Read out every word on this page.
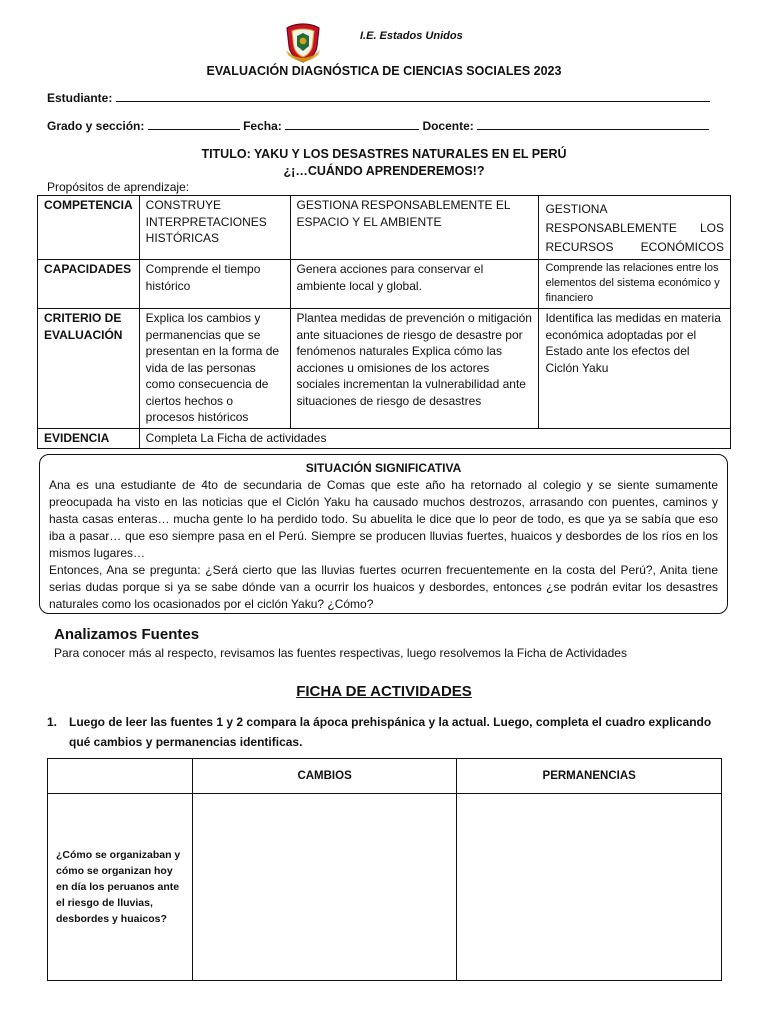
I.E. Estados Unidos
EVALUACIÓN DIAGNÓSTICA DE CIENCIAS SOCIALES 2023
Estudiante:
Grado y sección:	Fecha:	Docente:
TITULO: YAKU Y LOS DESASTRES NATURALES EN EL PERÚ
¿¡…CUÁNDO APRENDEREMOS!?
Propósitos de aprendizaje:
COMPETENCIA	CONSTRUYE INTERPRETACIONES HISTÓRICAS	GESTIONA RESPONSABLEMENTE EL ESPACIO Y EL AMBIENTE	GESTIONA RESPONSABLEMENTE LOS RECURSOS ECONÓMICOS
CAPACIDADES	Comprende el tiempo histórico	Genera acciones para conservar el ambiente local y global.	Comprende las relaciones entre los elementos del sistema económico y financiero
CRITERIO DE EVALUACIÓN	Explica los cambios y permanencias que se presentan en la forma de vida de las personas como consecuencia de ciertos hechos o procesos históricos	Plantea medidas de prevención o mitigación ante situaciones de riesgo de desastre por fenómenos naturales Explica cómo las acciones u omisiones de los actores sociales incrementan la vulnerabilidad ante situaciones de riesgo de desastres	Identifica las medidas en materia económica adoptadas por el Estado ante los efectos del Ciclón Yaku
EVIDENCIA	Completa La Ficha de actividades		
SITUACIÓN SIGNIFICATIVA

Ana es una estudiante de 4to de secundaria de Comas que este año ha retornado al colegio y se siente sumamente preocupada ha visto en las noticias que el Ciclón Yaku ha causado muchos destrozos, arrasando con puentes, caminos y hasta casas enteras… mucha gente lo ha perdido todo. Su abuelita le dice que lo peor de todo, es que ya se sabía que eso iba a pasar… que eso siempre pasa en el Perú. Siempre se producen lluvias fuertes, huaicos y desbordes de los ríos en los mismos lugares…

Entonces, Ana se pregunta: ¿Será cierto que las lluvias fuertes ocurren frecuentemente en la costa del Perú?, Anita tiene serias dudas porque si ya se sabe dónde van a ocurrir los huaicos y desbordes, entonces ¿se podrán evitar los desastres naturales como los ocasionados por el ciclón Yaku? ¿Cómo?

Analizamos Fuentes
Para conocer más al respecto, revisamos las fuentes respectivas, luego resolvemos la Ficha de Actividades
FICHA DE ACTIVIDADES
1. Luego de leer las fuentes 1 y 2 compara la ápoca prehispánica y la actual. Luego, completa el cuadro explicando qué cambios y permanencias identificas.
	CAMBIOS	PERMANENCIAS
¿Cómo se organizaban y cómo se organizan hoy en día los peruanos ante el riesgo de lluvias, desbordes y huaicos?		
